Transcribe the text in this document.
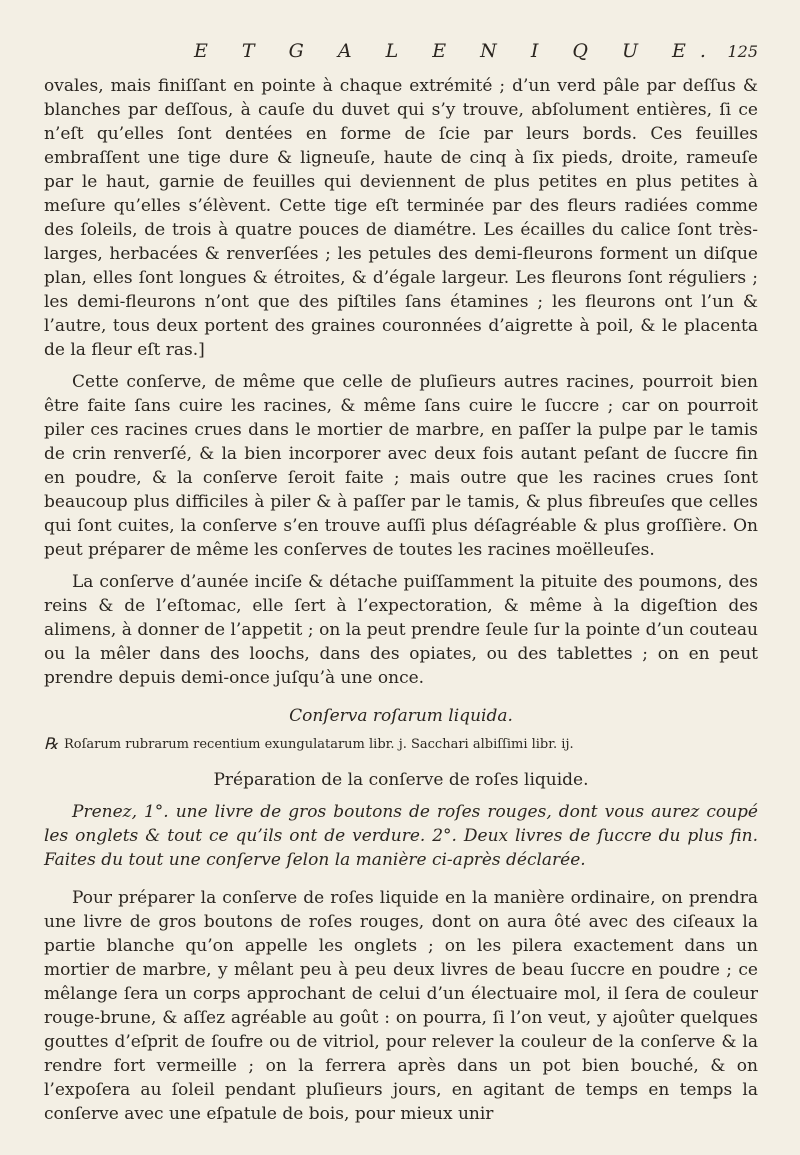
E T G A L E N I Q U E. 125

ovales, mais finiſſant en pointe à chaque extrémité ; d’un verd pâle par deſſus & blanches par deſſous, à cauſe du duvet qui s’y trouve, abſolument entières, ſi ce n’eſt qu’elles ſont dentées en forme de ſcie par leurs bords. Ces feuilles embraſſent une tige dure & ligneuſe, haute de cinq à ſix pieds, droite, rameuſe par le haut, garnie de feuilles qui deviennent de plus petites en plus petites à meſure qu’elles s’élèvent. Cette tige eſt terminée par des fleurs radiées comme des ſoleils, de trois à quatre pouces de diamétre. Les écailles du calice ſont très-larges, herbacées & renverſées ; les petules des demi-fleurons forment un diſque plan, elles ſont longues & étroites, & d’égale largeur. Les fleurons ſont réguliers ; les demi-fleurons n’ont que des piſtiles ſans étamines ; les fleurons ont l’un & l’autre, tous deux portent des graines couronnées d’aigrette à poil, & le placenta de la fleur eſt ras.]

Cette conſerve, de même que celle de pluſieurs autres racines, pourroit bien être faite ſans cuire les racines, & même ſans cuire le ſuccre ; car on pourroit piler ces racines crues dans le mortier de marbre, en paſſer la pulpe par le tamis de crin renverſé, & la bien incorporer avec deux fois autant peſant de ſuccre fin en poudre, & la conſerve ſeroit faite ; mais outre que les racines crues ſont beaucoup plus difficiles à piler & à paſſer par le tamis, & plus fibreuſes que celles qui ſont cuites, la conſerve s’en trouve auſſi plus déſagréable & plus groſſière. On peut préparer de même les conſerves de toutes les racines moëlleuſes.

La conſerve d’aunée inciſe & détache puiſſamment la pituite des poumons, des reins & de l’eſtomac, elle ſert à l’expectoration, & même à la digeſtion des alimens, à donner de l’appetit ; on la peut prendre ſeule ſur la pointe d’un couteau ou la mêler dans des loochs, dans des opiates, ou des tablettes ; on en peut prendre depuis demi-once juſqu’à une once.

Conſerva roſarum liquida.
℞ Roſarum rubrarum recentium exungulatarum libr. j. Sacchari albiſſimi libr. ij.
Préparation de la conſerve de roſes liquide.

Prenez, 1°. une livre de gros boutons de roſes rouges, dont vous aurez coupé les onglets & tout ce qu’ils ont de verdure. 2°. Deux livres de ſuccre du plus fin. Faites du tout une conſerve ſelon la manière ci-après déclarée.

Pour préparer la conſerve de roſes liquide en la manière ordinaire, on prendra une livre de gros boutons de roſes rouges, dont on aura ôté avec des ciſeaux la partie blanche qu’on appelle les onglets ; on les pilera exactement dans un mortier de marbre, y mêlant peu à peu deux livres de beau ſuccre en poudre ; ce mêlange ſera un corps approchant de celui d’un électuaire mol, il ſera de couleur rouge-brune, & aſſez agréable au goût : on pourra, ſi l’on veut, y ajoûter quelques gouttes d’eſprit de ſoufre ou de vitriol, pour relever la couleur de la conſerve & la rendre fort vermeille ; on la ferrera après dans un pot bien bouché, & on l’expoſera au ſoleil pendant pluſieurs jours, en agitant de temps en temps la conſerve avec une eſpatule de bois, pour mieux unir
